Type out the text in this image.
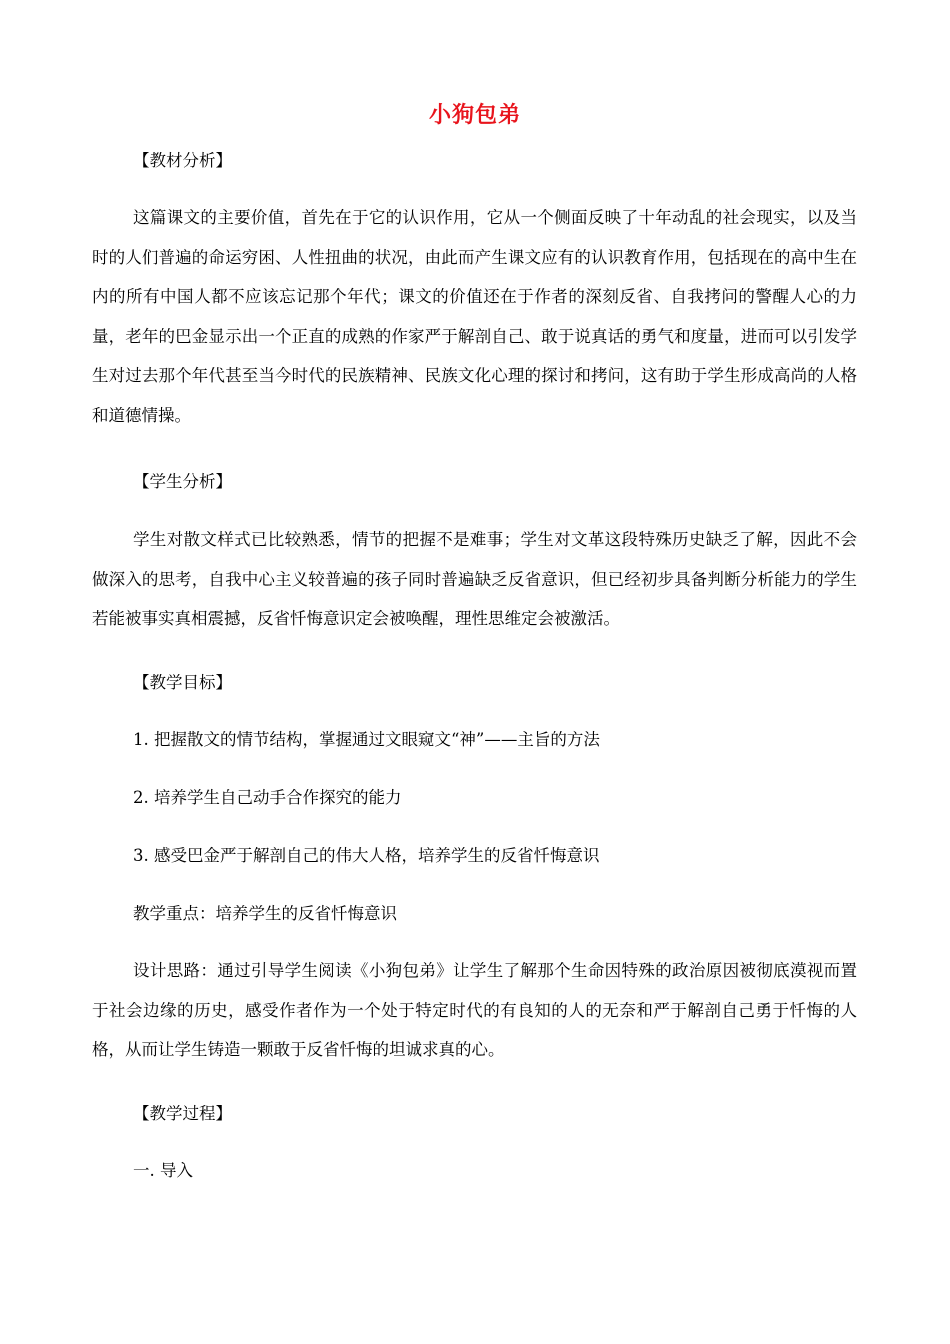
小狗包弟
【教材分析】
这篇课文的主要价值，首先在于它的认识作用，它从一个侧面反映了十年动乱的社会现实，以及当时的人们普遍的命运穷困、人性扭曲的状况，由此而产生课文应有的认识教育作用，包括现在的高中生在内的所有中国人都不应该忘记那个年代；课文的价值还在于作者的深刻反省、自我拷问的警醒人心的力量，老年的巴金显示出一个正直的成熟的作家严于解剖自己、敢于说真话的勇气和度量，进而可以引发学生对过去那个年代甚至当今时代的民族精神、民族文化心理的探讨和拷问，这有助于学生形成高尚的人格和道德情操。
【学生分析】
学生对散文样式已比较熟悉，情节的把握不是难事；学生对文革这段特殊历史缺乏了解，因此不会做深入的思考，自我中心主义较普遍的孩子同时普遍缺乏反省意识，但已经初步具备判断分析能力的学生若能被事实真相震撼，反省忏悔意识定会被唤醒，理性思维定会被激活。
【教学目标】
1. 把握散文的情节结构，掌握通过文眼窥文“神”——主旨的方法
2. 培养学生自己动手合作探究的能力
3. 感受巴金严于解剖自己的伟大人格，培养学生的反省忏悔意识
教学重点：培养学生的反省忏悔意识
设计思路：通过引导学生阅读《小狗包弟》让学生了解那个生命因特殊的政治原因被彻底漠视而置于社会边缘的历史，感受作者作为一个处于特定时代的有良知的人的无奈和严于解剖自己勇于忏悔的人格，从而让学生铸造一颗敢于反省忏悔的坦诚求真的心。
【教学过程】
一. 导入
